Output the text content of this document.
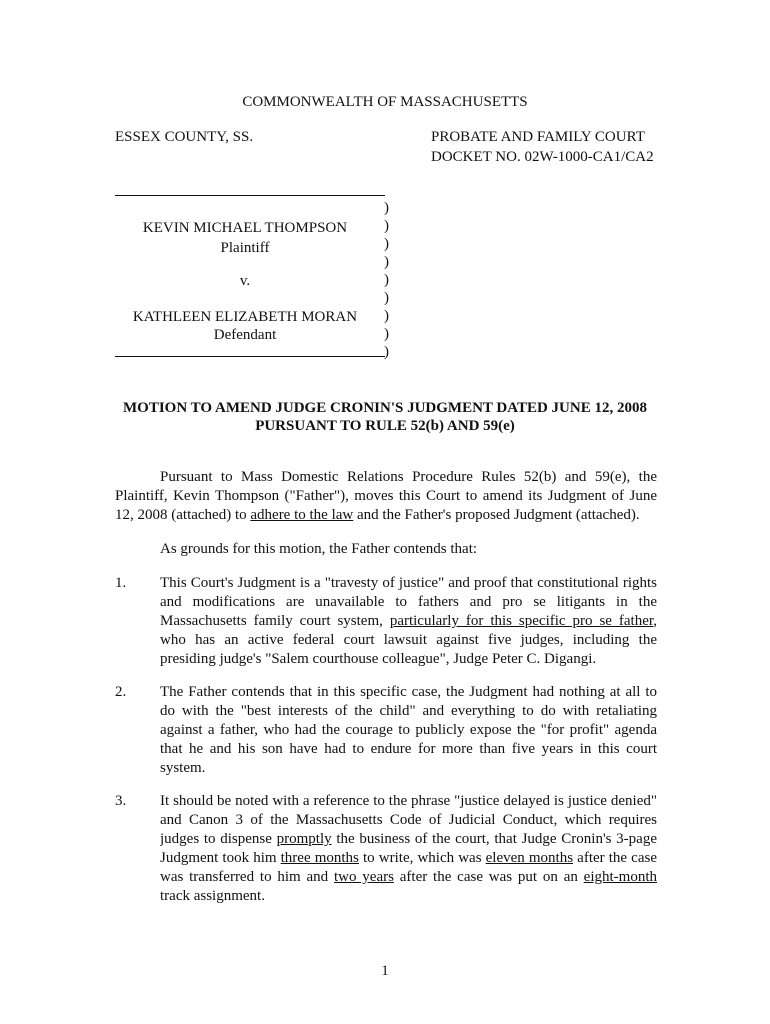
COMMONWEALTH OF MASSACHUSETTS
ESSEX COUNTY, SS.	PROBATE AND FAMILY COURT
DOCKET NO. 02W-1000-CA1/CA2
KEVIN MICHAEL THOMPSON
Plaintiff
v.
KATHLEEN ELIZABETH MORAN
Defendant
)
)
)
)
)
)
)
)
)
MOTION TO AMEND JUDGE CRONIN'S JUDGMENT DATED JUNE 12, 2008
PURSUANT TO RULE 52(b) AND 59(e)
Pursuant to Mass Domestic Relations Procedure Rules 52(b) and 59(e), the
Plaintiff, Kevin Thompson ("Father"), moves this Court to amend its Judgment of June
12, 2008 (attached) to adhere to the law and the Father's proposed Judgment (attached).
As grounds for this motion, the Father contends that:
1. This Court's Judgment is a "travesty of justice" and proof that constitutional rights
and modifications are unavailable to fathers and pro se litigants in the
Massachusetts family court system, particularly for this specific pro se father,
who has an active federal court lawsuit against five judges, including the
presiding judge's "Salem courthouse colleague", Judge Peter C. Digangi.
2. The Father contends that in this specific case, the Judgment had nothing at all to
do with the "best interests of the child" and everything to do with retaliating
against a father, who had the courage to publicly expose the "for profit" agenda
that he and his son have had to endure for more than five years in this court
system.
3. It should be noted with a reference to the phrase "justice delayed is justice denied"
and Canon 3 of the Massachusetts Code of Judicial Conduct, which requires
judges to dispense promptly the business of the court, that Judge Cronin's 3-page
Judgment took him three months to write, which was eleven months after the case
was transferred to him and two years after the case was put on an eight-month
track assignment.
1
